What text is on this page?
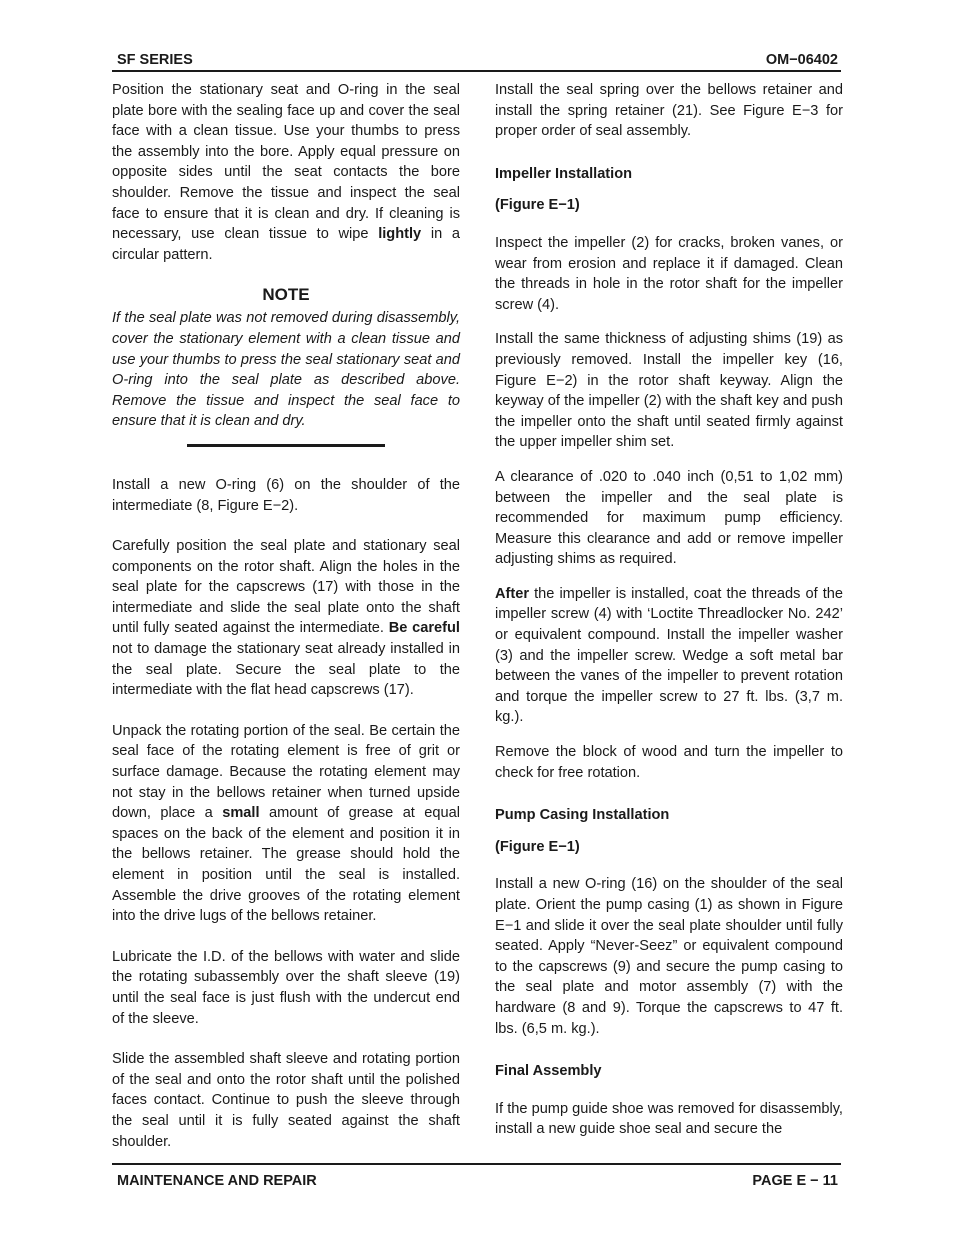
SF SERIES	OM−06402

Position the stationary seat and O-ring in the seal plate bore with the sealing face up and cover the seal face with a clean tissue. Use your thumbs to press the assembly into the bore. Apply equal pressure on opposite sides until the seat contacts the bore shoulder. Remove the tissue and inspect the seal face to ensure that it is clean and dry. If cleaning is necessary, use clean tissue to wipe lightly in a circular pattern.

NOTE

If the seal plate was not removed during disassembly, cover the stationary element with a clean tissue and use your thumbs to press the seal stationary seat and O-ring into the seal plate as described above. Remove the tissue and inspect the seal face to ensure that it is clean and dry.

Install a new O-ring (6) on the shoulder of the intermediate (8, Figure E−2).

Carefully position the seal plate and stationary seal components on the rotor shaft. Align the holes in the seal plate for the capscrews (17) with those in the intermediate and slide the seal plate onto the shaft until fully seated against the intermediate. Be careful not to damage the stationary seat already installed in the seal plate. Secure the seal plate to the intermediate with the flat head capscrews (17).

Unpack the rotating portion of the seal. Be certain the seal face of the rotating element is free of grit or surface damage. Because the rotating element may not stay in the bellows retainer when turned upside down, place a small amount of grease at equal spaces on the back of the element and position it in the bellows retainer. The grease should hold the element in position until the seal is installed. Assemble the drive grooves of the rotating element into the drive lugs of the bellows retainer.

Lubricate the I.D. of the bellows with water and slide the rotating subassembly over the shaft sleeve (19) until the seal face is just flush with the undercut end of the sleeve.

Slide the assembled shaft sleeve and rotating portion of the seal and onto the rotor shaft until the polished faces contact. Continue to push the sleeve through the seal until it is fully seated against the shaft shoulder.

Install the seal spring over the bellows retainer and install the spring retainer (21). See Figure E−3 for proper order of seal assembly.

Impeller Installation
(Figure E−1)

Inspect the impeller (2) for cracks, broken vanes, or wear from erosion and replace it if damaged. Clean the threads in hole in the rotor shaft for the impeller screw (4).

Install the same thickness of adjusting shims (19) as previously removed. Install the impeller key (16, Figure E−2) in the rotor shaft keyway. Align the keyway of the impeller (2) with the shaft key and push the impeller onto the shaft until seated firmly against the upper impeller shim set.

A clearance of .020 to .040 inch (0,51 to 1,02 mm) between the impeller and the seal plate is recommended for maximum pump efficiency. Measure this clearance and add or remove impeller adjusting shims as required.

After the impeller is installed, coat the threads of the impeller screw (4) with ‘Loctite Threadlocker No. 242’ or equivalent compound. Install the impeller washer (3) and the impeller screw. Wedge a soft metal bar between the vanes of the impeller to prevent rotation and torque the impeller screw to 27 ft. lbs. (3,7 m. kg.).

Remove the block of wood and turn the impeller to check for free rotation.

Pump Casing Installation
(Figure E−1)

Install a new O-ring (16) on the shoulder of the seal plate. Orient the pump casing (1) as shown in Figure E−1 and slide it over the seal plate shoulder until fully seated. Apply “Never-Seez” or equivalent compound to the capscrews (9) and secure the pump casing to the seal plate and motor assembly (7) with the hardware (8 and 9). Torque the capscrews to 47 ft. lbs. (6,5 m. kg.).

Final Assembly

If the pump guide shoe was removed for disassembly, install a new guide shoe seal and secure the

MAINTENANCE AND REPAIR	PAGE E − 11
